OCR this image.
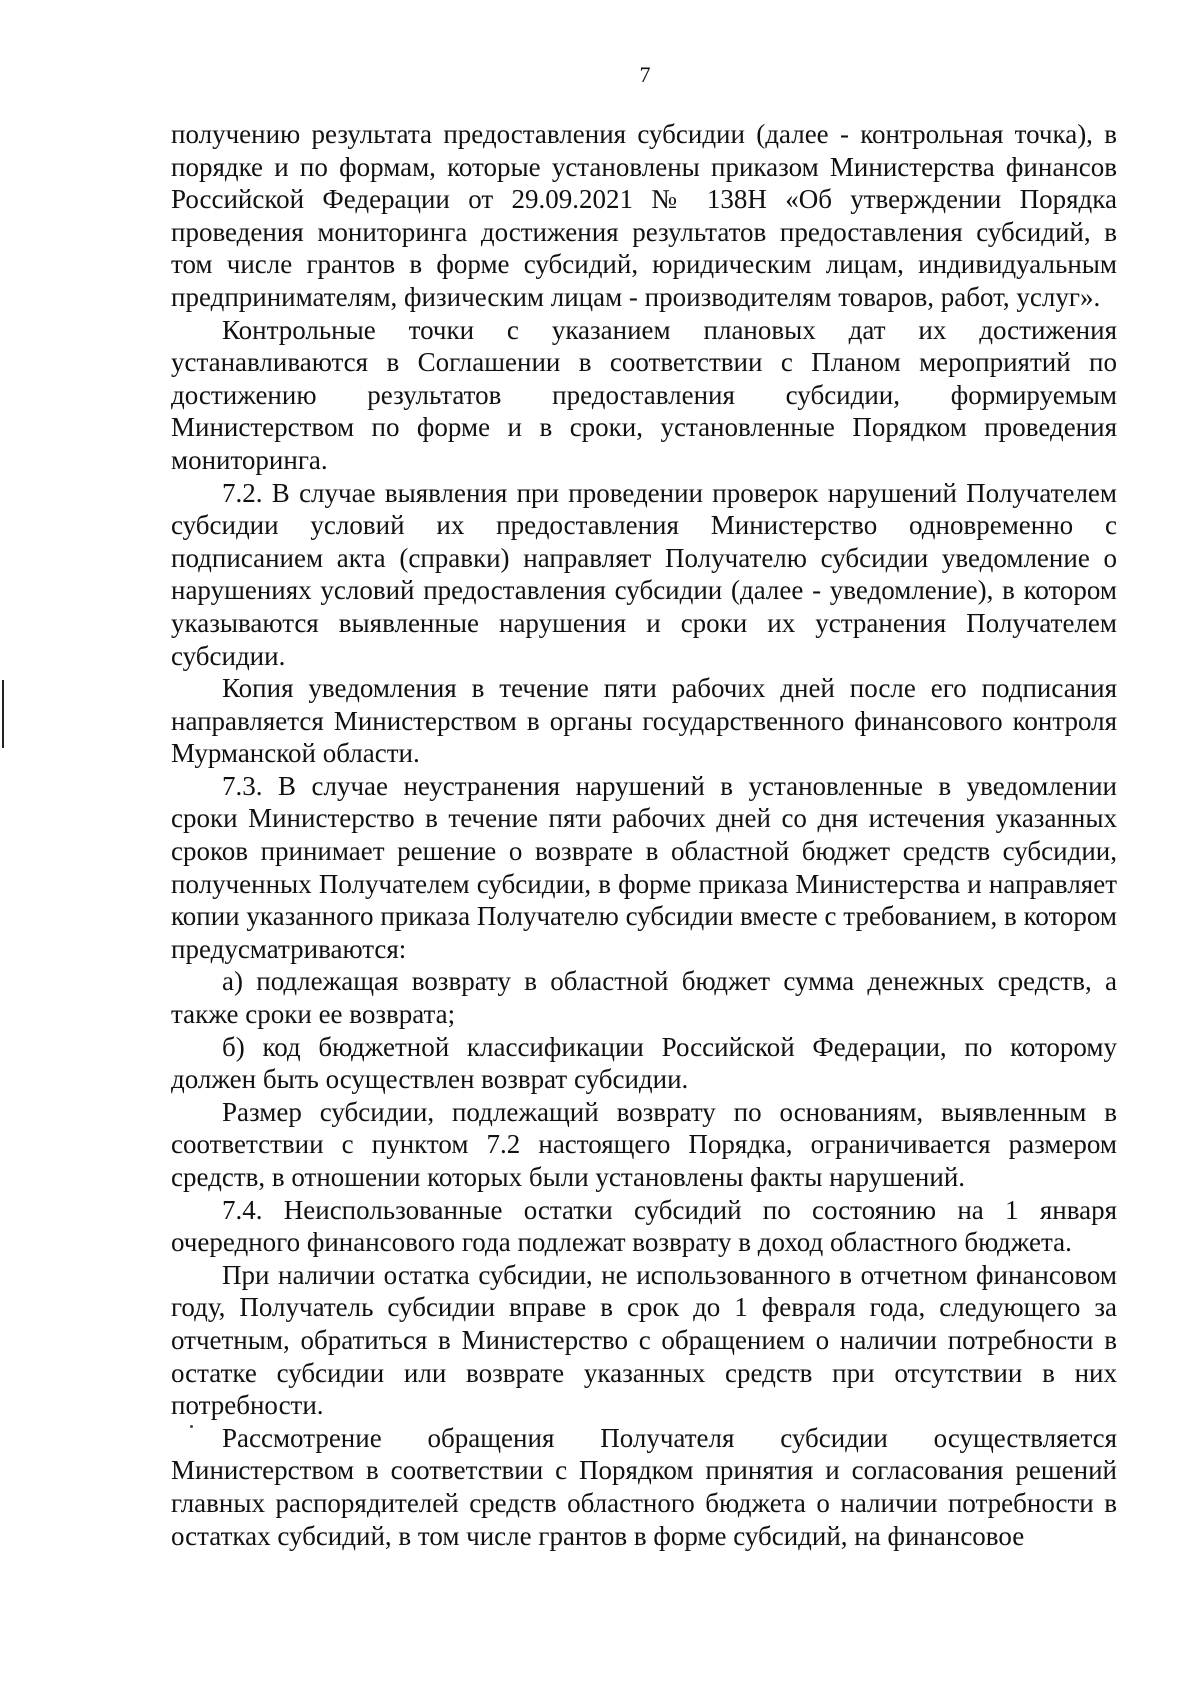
7

получению результата предоставления субсидии (далее - контрольная точка), в порядке и по формам, которые установлены приказом Министерства финансов Российской Федерации от 29.09.2021 № 138Н «Об утверждении Порядка проведения мониторинга достижения результатов предоставления субсидий, в том числе грантов в форме субсидий, юридическим лицам, индивидуальным предпринимателям, физическим лицам - производителям товаров, работ, услуг».

Контрольные точки с указанием плановых дат их достижения устанавливаются в Соглашении в соответствии с Планом мероприятий по достижению результатов предоставления субсидии, формируемым Министерством по форме и в сроки, установленные Порядком проведения мониторинга.

7.2. В случае выявления при проведении проверок нарушений Получателем субсидии условий их предоставления Министерство одновременно с подписанием акта (справки) направляет Получателю субсидии уведомление о нарушениях условий предоставления субсидии (далее - уведомление), в котором указываются выявленные нарушения и сроки их устранения Получателем субсидии.

Копия уведомления в течение пяти рабочих дней после его подписания направляется Министерством в органы государственного финансового контроля Мурманской области.

7.3. В случае неустранения нарушений в установленные в уведомлении сроки Министерство в течение пяти рабочих дней со дня истечения указанных сроков принимает решение о возврате в областной бюджет средств субсидии, полученных Получателем субсидии, в форме приказа Министерства и направляет копии указанного приказа Получателю субсидии вместе с требованием, в котором предусматриваются:

а) подлежащая возврату в областной бюджет сумма денежных средств, а также сроки ее возврата;

б) код бюджетной классификации Российской Федерации, по которому должен быть осуществлен возврат субсидии.

Размер субсидии, подлежащий возврату по основаниям, выявленным в соответствии с пунктом 7.2 настоящего Порядка, ограничивается размером средств, в отношении которых были установлены факты нарушений.

7.4. Неиспользованные остатки субсидий по состоянию на 1 января очередного финансового года подлежат возврату в доход областного бюджета.

При наличии остатка субсидии, не использованного в отчетном финансовом году, Получатель субсидии вправе в срок до 1 февраля года, следующего за отчетным, обратиться в Министерство с обращением о наличии потребности в остатке субсидии или возврате указанных средств при отсутствии в них потребности.

Рассмотрение обращения Получателя субсидии осуществляется Министерством в соответствии с Порядком принятия и согласования решений главных распорядителей средств областного бюджета о наличии потребности в остатках субсидий, в том числе грантов в форме субсидий, на финансовое
